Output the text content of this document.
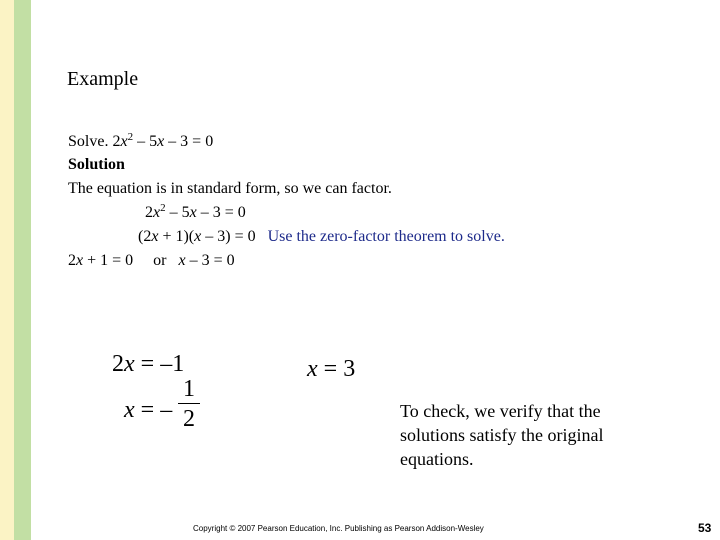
Example
Solve. $2x^2 - 5x - 3 = 0$
Solution
The equation is in standard form, so we can factor.
$2x^2 - 5x - 3 = 0$
(2x + 1)(x – 3) = 0 Use the zero-factor theorem to solve.
2x + 1 = 0     or   x – 3 = 0
2x = –1
x = –
1
2
x = 3
To check, we verify that the solutions satisfy the original equations.
Copyright © 2007 Pearson Education, Inc. Publishing as Pearson Addison-Wesley	53
